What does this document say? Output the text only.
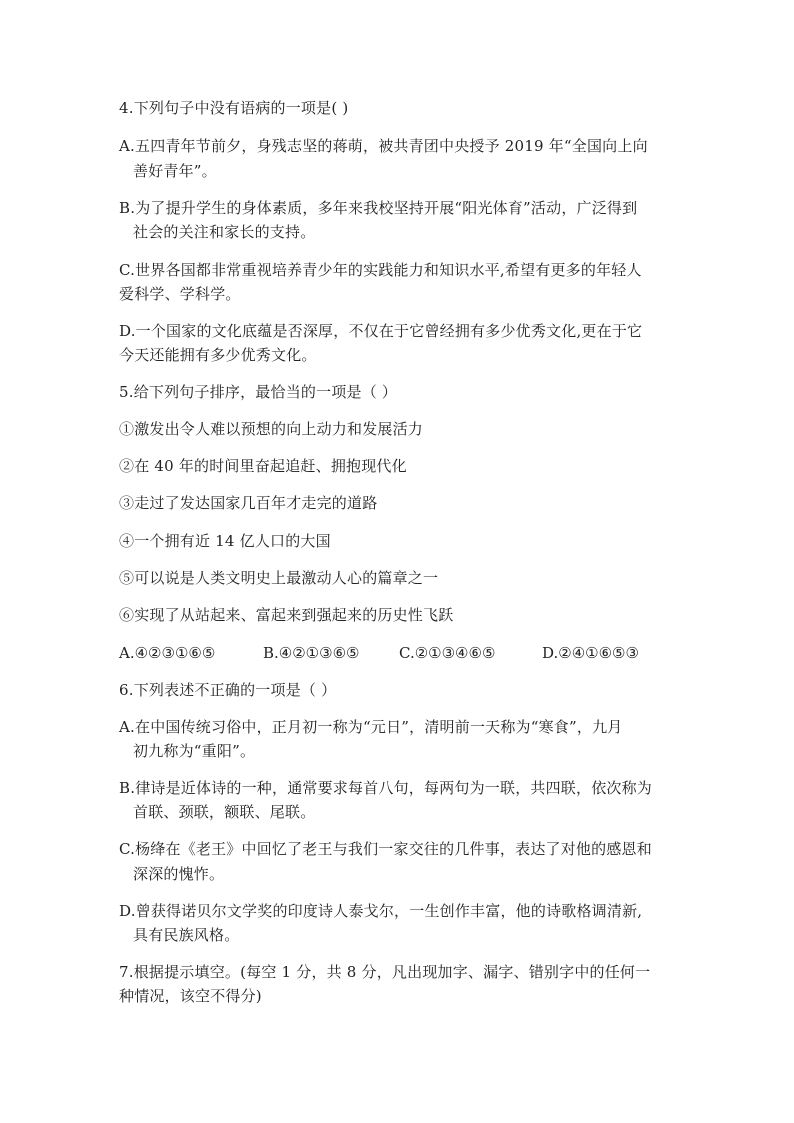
4.下列句子中没有语病的一项是( )
A.五四青年节前夕，身残志坚的蒋萌，被共青团中央授予 2019 年“全国向上向
善好青年”。
B.为了提升学生的身体素质，多年来我校坚持开展“阳光体育”活动，广泛得到
社会的关注和家长的支持。
C.世界各国都非常重视培养青少年的实践能力和知识水平,希望有更多的年轻人
爱科学、学科学。
D.一个国家的文化底蕴是否深厚，不仅在于它曾经拥有多少优秀文化,更在于它
今天还能拥有多少优秀文化。
5.给下列句子排序，最恰当的一项是（ ）
①激发出令人难以预想的向上动力和发展活力
②在 40 年的时间里奋起追赶、拥抱现代化
③走过了发达国家几百年才走完的道路
④一个拥有近 14 亿人口的大国
⑤可以说是人类文明史上最激动人心的篇章之一
⑥实现了从站起来、富起来到强起来的历史性飞跃
A.④②③①⑥⑤	B.④②①③⑥⑤	C.②①③④⑥⑤	D.②④①⑥⑤③
6.下列表述不正确的一项是（ ）
A.在中国传统习俗中，正月初一称为“元日”，清明前一天称为“寒食”，九月
初九称为“重阳”。
B.律诗是近体诗的一种，通常要求每首八句，每两句为一联，共四联，依次称为
首联、颈联，额联、尾联。
C.杨绛在《老王》中回忆了老王与我们一家交往的几件事，表达了对他的感恩和
深深的愧怍。
D.曾获得诺贝尔文学奖的印度诗人泰戈尔，一生创作丰富，他的诗歌格调清新,
具有民族风格。
7.根据提示填空。(每空 1 分，共 8 分，凡出现加字、漏字、错别字中的任何一
种情况，该空不得分)
